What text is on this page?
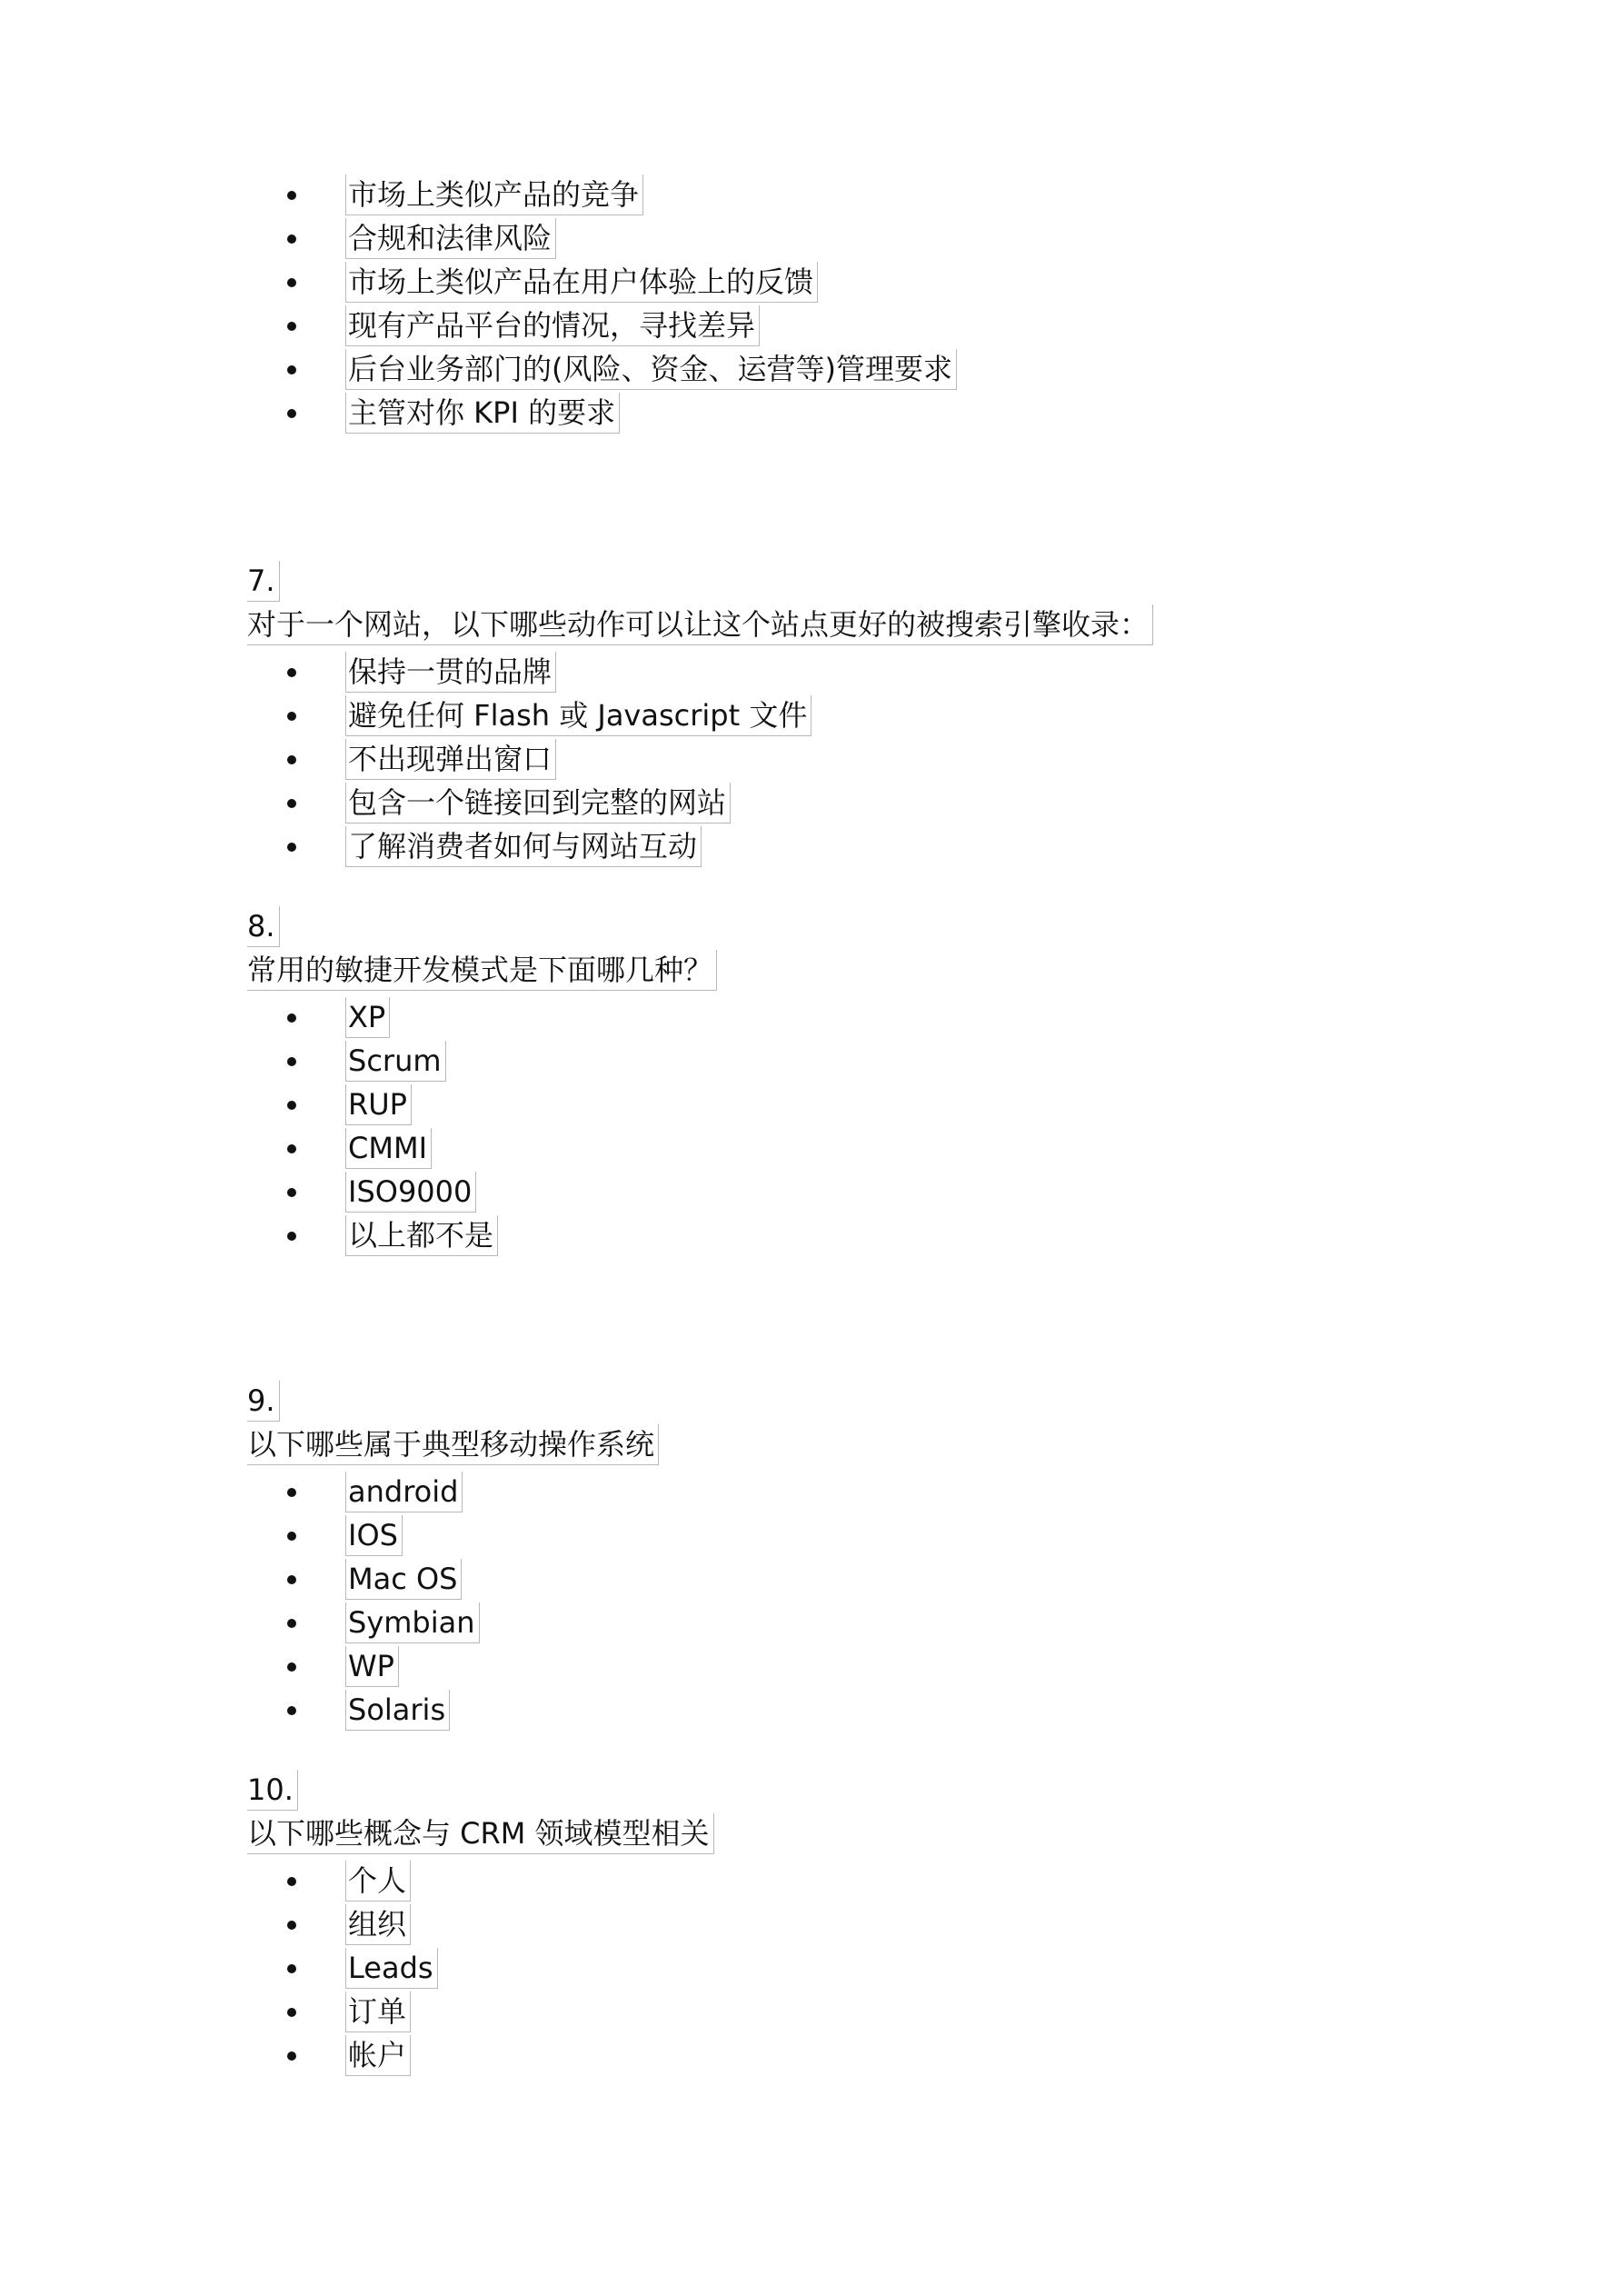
市场上类似产品的竞争
合规和法律风险
市场上类似产品在用户体验上的反馈
现有产品平台的情况，寻找差异
后台业务部门的(风险、资金、运营等)管理要求
主管对你 KPI 的要求
7.
对于一个网站，以下哪些动作可以让这个站点更好的被搜索引擎收录：
保持一贯的品牌
避免任何 Flash 或 Javascript 文件
不出现弹出窗口
包含一个链接回到完整的网站
了解消费者如何与网站互动
8.
常用的敏捷开发模式是下面哪几种？
XP
Scrum
RUP
CMMI
ISO9000
以上都不是
9.
以下哪些属于典型移动操作系统
android
IOS
Mac OS
Symbian
WP
Solaris
10.
以下哪些概念与 CRM 领域模型相关
个人
组织
Leads
订单
帐户
